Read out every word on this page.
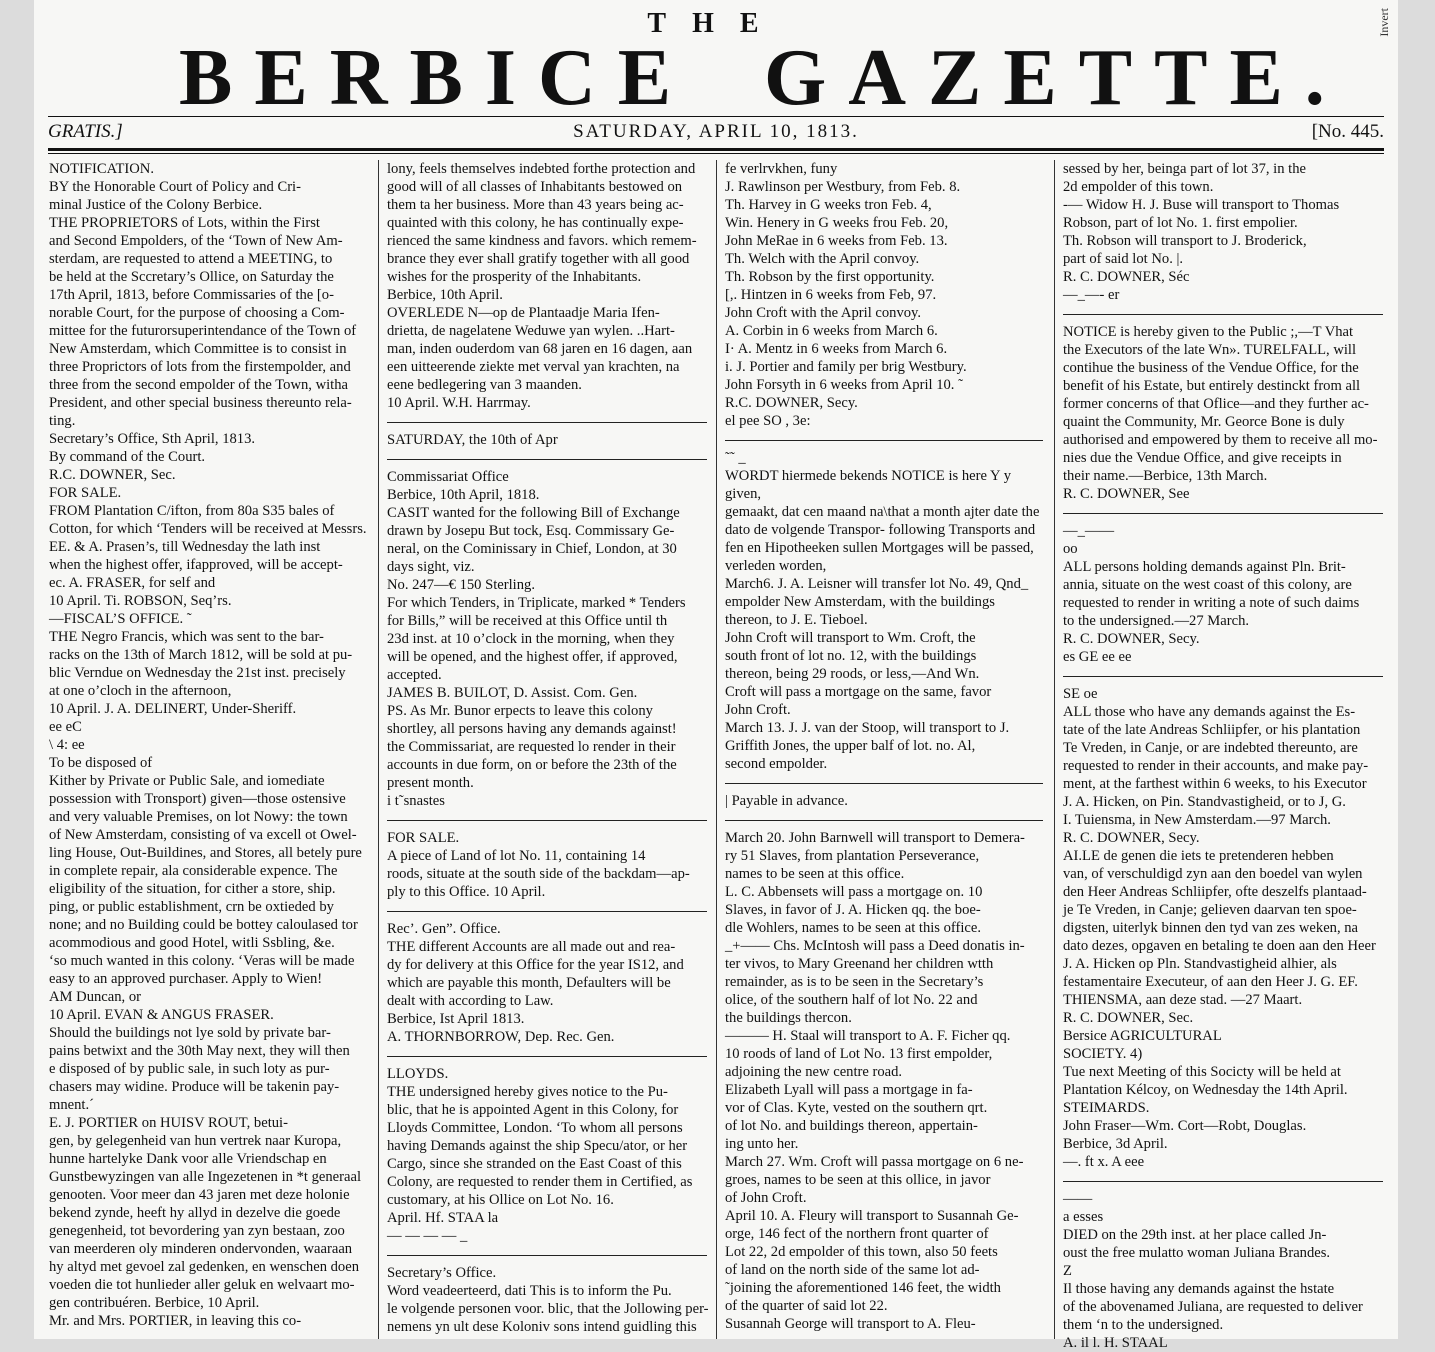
Invert
THE
BERBICE GAZETTE.
GRATIS.]	SATURDAY, APRIL 10, 1813.	[No. 445.

NOTIFICATION.

BY the Honorable Court of Policy and Cri-

minal Justice of the Colony Berbice.

THE PROPRIETORS of Lots, within the First

and Second Empolders, of the ‘Town of New Am-

sterdam, are requested to attend a MEETING, to

be held at the Sccretary’s Ollice, on Saturday the

17th April, 1813, before Commissaries of the [o-

norable Court, for the purpose of choosing a Com-

mittee for the futurorsuperintendance of the Town of

New Amsterdam, which Committee is to consist in

three Proprictors of lots from the firstempolder, and

three from the second empolder of the Town, witha

President, and other special business thereunto rela-

ting.

Secretary’s Office, Sth April, 1813.

By command of the Court.

R.C. DOWNER, Sec.

FOR SALE.

FROM Plantation C/ifton, from 80a S35 bales of

Cotton, for which ‘Tenders will be received at Messrs.

EE. & A. Prasen’s, till Wednesday the lath inst

when the highest offer, ifapproved, will be accept-

ec. A. FRASER, for self and

10 April. Ti. ROBSON, Seq’rs.

—FISCAL’S OFFICE. ˜

THE Negro Francis, which was sent to the bar-

racks on the 13th of March 1812, will be sold at pu-

blic Verndue on Wednesday the 21st inst. precisely

at one o’cloch in the afternoon,

10 April. J. A. DELINERT, Under-Sheriff.

ee eC

\ 4: ee

To be disposed of

Kither by Private or Public Sale, and iomediate

possession with Tronsport) given—those ostensive

and very valuable Premises, on lot Nowy: the town

of New Amsterdam, consisting of va excell ot Owel-

ling House, Out-Buildines, and Stores, all betely pure

in complete repair, ala considerable expence. The

eligibility of the situation, for cither a store, ship.

ping, or public establishment, crn be oxtieded by

none; and no Building could be bottey caloulased tor

acommodious and good Hotel, witli Ssbling, &e.

‘so much wanted in this colony. ‘Veras will be made

easy to an approved purchaser. Apply to Wien!

AM Duncan, or

10 April. EVAN & ANGUS FRASER.

Should the buildings not lye sold by private bar-

pains betwixt and the 30th May next, they will then

e disposed of by public sale, in such loty as pur-

chasers may widine. Produce will be takenin pay-

mnent.´

E. J. PORTIER on HUISV ROUT, betui-

gen, by gelegenheid van hun vertrek naar Kuropa,

hunne hartelyke Dank voor alle Vriendschap en

Gunstbewyzingen van alle Ingezetenen in *t generaal

genooten. Voor meer dan 43 jaren met deze holonie

bekend zynde, heeft hy allyd in dezelve die goede

genegenheid, tot bevordering yan zyn bestaan, zoo

van meerderen oly minderen ondervonden, waaraan

hy altyd met gevoel zal gedenken, en wenschen doen

voeden die tot hunlieder aller geluk en welvaart mo-

gen contribuéren. Berbice, 10 April.

Mr. and Mrs. PORTIER, in leaving this co-

lony, feels themselves indebted forthe protection and

good will of all classes of Inhabitants bestowed on

them ta her business. More than 43 years being ac-

quainted with this colony, he has continually expe-

rienced the same kindness and favors. which remem-

brance they ever shall gratify together with all good

wishes for the prosperity of the Inhabitants.

Berbice, 10th April.

OVERLEDE N—op de Plantaadje Maria Ifen-

drietta, de nagelatene Weduwe yan wylen. ..Hart-

man, inden ouderdom van 68 jaren en 16 dagen, aan

een uitteerende ziekte met verval yan krachten, na

eene bedlegering van 3 maanden.

10 April. W.H. Harrmay.

SATURDAY, the 10th of Apr

Commissariat Office

Berbice, 10th April, 1818.

CASIT wanted for the following Bill of Exchange

drawn by Josepu But tock, Esq. Commissary Ge-

neral, on the Cominissary in Chief, London, at 30

days sight, viz.

No. 247—€ 150 Sterling.

For which Tenders, in Triplicate, marked * Tenders

for Bills,” will be received at this Office until th

23d inst. at 10 o’clock in the morning, when they

will be opened, and the highest offer, if approved,

accepted.

JAMES B. BUILOT, D. Assist. Com. Gen.

PS. As Mr. Bunor erpects to leave this colony

shortley, all persons having any demands against!

the Commissariat, are requested lo render in their

accounts in due form, on or before the 23th of the

present month.

i t˜snastes

FOR SALE.

A piece of Land of lot No. 11, containing 14

roods, situate at the south side of the backdam—ap-

ply to this Office. 10 April.

Rec’. Gen”. Office.

THE different Accounts are all made out and rea-

dy for delivery at this Office for the year IS12, and

which are payable this month, Defaulters will be

dealt with according to Law.

Berbice, Ist April 1813.

A. THORNBORROW, Dep. Rec. Gen.

LLOYDS.

THE undersigned hereby gives notice to the Pu-

blic, that he is appointed Agent in this Colony, for

Lloyds Committee, London. ‘To whom all persons

having Demands against the ship Specu/ator, or her

Cargo, since she stranded on the East Coast of this

Colony, are requested to render them in Certified, as

customary, at his Ollice on Lot No. 16.

April. Hf. STAA la

— — — — _

Secretary’s Office.

Word veadeerteerd, dati This is to inform the Pu.

le volgende personen voor. blic, that the Jollowing per-

nemens yn ult dese Koloniv sons intend guidling this

fe verlrvkhen, funy

J. Rawlinson per Westbury, from Feb. 8.

Th. Harvey in G weeks tron Feb. 4,

Win. Henery in G weeks frou Feb. 20,

John MeRae in 6 weeks from Feb. 13.

Th. Welch with the April convoy.

Th. Robson by the first opportunity.

[,. Hintzen in 6 weeks from Feb, 97.

John Croft with the April convoy.

A. Corbin in 6 weeks from March 6.

I· A. Mentz in 6 weeks from March 6.

i. J. Portier and family per brig Westbury.

John Forsyth in 6 weeks from April 10. ˜

R.C. DOWNER, Secy.

el pee SO , 3e:

˜˜ _

WORDT hiermede bekends NOTICE is here Y y

given,

gemaakt, dat cen maand na\that a month ajter date the

dato de volgende Transpor- following Transports and

fen en Hipotheeken sullen Mortgages will be passed,

verleden worden,

March6. J. A. Leisner will transfer lot No. 49, Qnd_

empolder New Amsterdam, with the buildings

thereon, to J. E. Tieboel.

John Croft will transport to Wm. Croft, the

south front of lot no. 12, with the buildings

thereon, being 29 roods, or less,—And Wn.

Croft will pass a mortgage on the same, favor

John Croft.

March 13. J. J. van der Stoop, will transport to J.

Griffith Jones, the upper balf of lot. no. Al,

second empolder.

| Payable in advance.

March 20. John Barnwell will transport to Demera-

ry 51 Slaves, from plantation Perseverance,

names to be seen at this office.

L. C. Abbensets will pass a mortgage on. 10

Slaves, in favor of J. A. Hicken qq. the boe-

dle Wohlers, names to be seen at this office.

_+—— Chs. McIntosh will pass a Deed donatis in-

ter vivos, to Mary Greenand her children wtth

remainder, as is to be seen in the Secretary’s

olice, of the southern half of lot No. 22 and

the buildings thercon.

——— H. Staal will transport to A. F. Ficher qq.

10 roods of land of Lot No. 13 first empolder,

adjoining the new centre road.

Elizabeth Lyall will pass a mortgage in fa-

vor of Clas. Kyte, vested on the southern qrt.

of lot No. and buildings thereon, appertain-

ing unto her.

March 27. Wm. Croft will passa mortgage on 6 ne-

groes, names to be seen at this ollice, in javor

of John Croft.

April 10. A. Fleury will transport to Susannah Ge-

orge, 146 fect of the northern front quarter of

Lot 22, 2d empolder of this town, also 50 feets

of land on the north side of the same lot ad-

˜joining the aforementioned 146 feet, the width

of the quarter of said lot 22.

Susannah George will transport to A. Fleu-

sessed by her, beinga part of lot 37, in the

2d empolder of this town.

-— Widow H. J. Buse will transport to Thomas

Robson, part of lot No. 1. first empolier.

Th. Robson will transport to J. Broderick,

part of said lot No. |.

R. C. DOWNER, Séc

—_—- er

NOTICE is hereby given to the Public ;,—T Vhat

the Executors of the late Wn». TURELFALL, will

contihue the business of the Vendue Office, for the

benefit of his Estate, but entirely destinckt from all

former concerns of that Oflice—and they further ac-

quaint the Community, Mr. Georce Bone is duly

authorised and empowered by them to receive all mo-

nies due the Vendue Office, and give receipts in

their name.—Berbice, 13th March.

R. C. DOWNER, See

—_——

oo

ALL persons holding demands against Pln. Brit-

annia, situate on the west coast of this colony, are

requested to render in writing a note of such daims

to the undersigned.—27 March.

R. C. DOWNER, Secy.

es GE ee ee

SE oe

ALL those who have any demands against the Es-

tate of the late Andreas Schliipfer, or his plantation

Te Vreden, in Canje, or are indebted thereunto, are

requested to render in their accounts, and make pay-

ment, at the farthest within 6 weeks, to his Executor

J. A. Hicken, on Pin. Standvastigheid, or to J, G.

I. Tuiensma, in New Amsterdam.—97 March.

R. C. DOWNER, Secy.

AI.LE de genen die iets te pretenderen hebben

van, of verschuldigd zyn aan den boedel van wylen

den Heer Andreas Schliipfer, ofte deszelfs plantaad-

je Te Vreden, in Canje; gelieven daarvan ten spoe-

digsten, uiterlyk binnen den tyd van zes weken, na

dato dezes, opgaven en betaling te doen aan den Heer

J. A. Hicken op Pln. Standvastigheid alhier, als

festamentaire Executeur, of aan den Heer J. G. EF.

THIENSMA, aan deze stad. —27 Maart.

R. C. DOWNER, Sec.

Bersice AGRICULTURAL

SOCIETY. 4)

Tue next Meeting of this Socicty will be held at

Plantation Kélcoy, on Wednesday the 14th April.

STEIMARDS.

John Fraser—Wm. Cort—Robt, Douglas.

Berbice, 3d April.

—. ft x. A eee

——

a esses

DIED on the 29th inst. at her place called Jn-

oust the free mulatto woman Juliana Brandes.

Z

Il those having any demands against the hstate

of the abovenamed Juliana, are requested to deliver

them ‘n to the undersigned.

A. il l. H. STAAL
